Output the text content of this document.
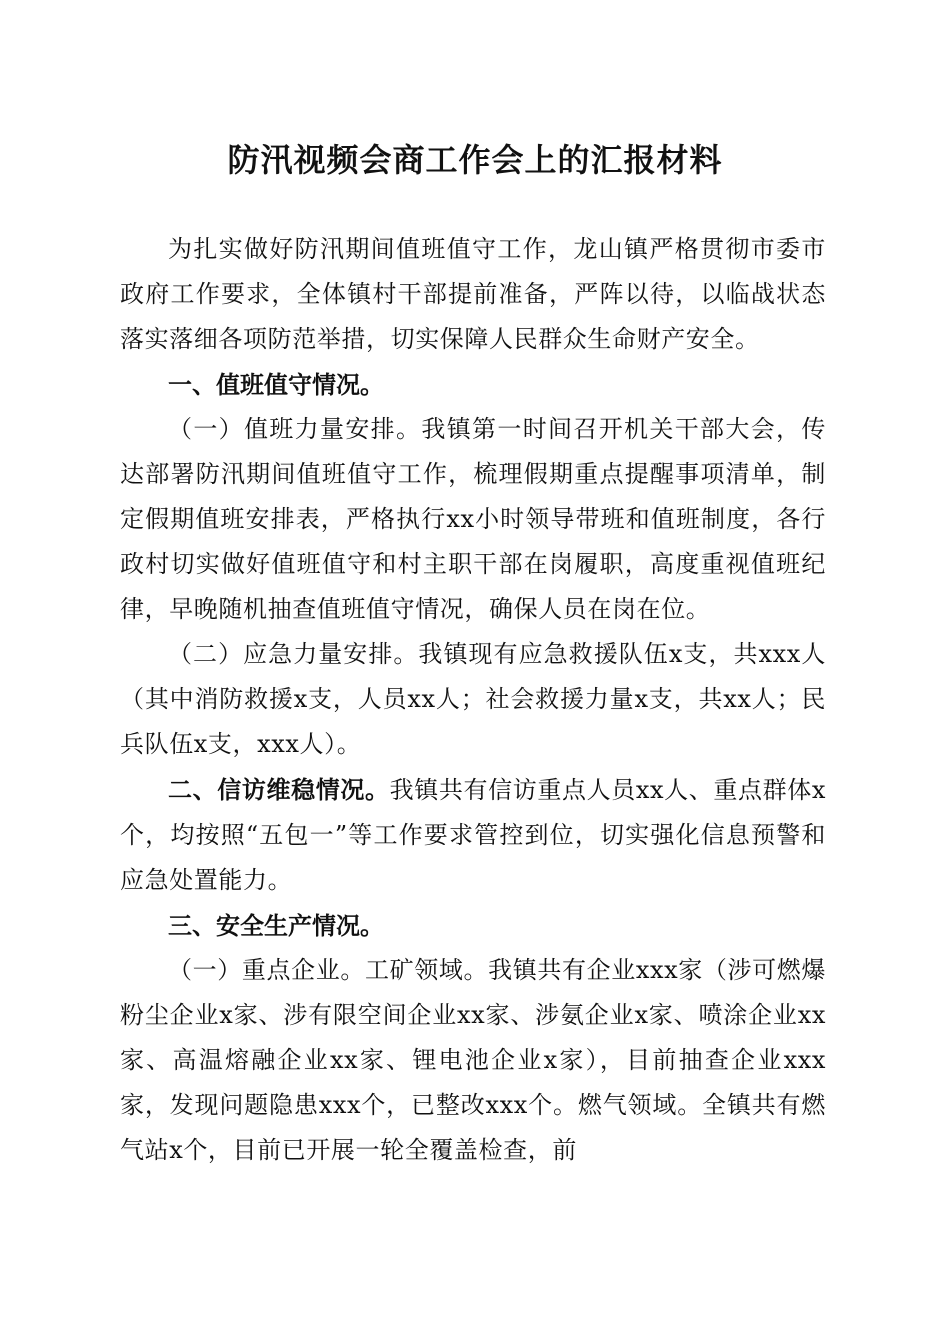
防汛视频会商工作会上的汇报材料

为扎实做好防汛期间值班值守工作，龙山镇严格贯彻市委市政府工作要求，全体镇村干部提前准备，严阵以待，以临战状态落实落细各项防范举措，切实保障人民群众生命财产安全。

一、值班值守情况。

（一）值班力量安排。我镇第一时间召开机关干部大会，传达部署防汛期间值班值守工作，梳理假期重点提醒事项清单，制定假期值班安排表，严格执行xx小时领导带班和值班制度，各行政村切实做好值班值守和村主职干部在岗履职，高度重视值班纪律，早晚随机抽查值班值守情况，确保人员在岗在位。

（二）应急力量安排。我镇现有应急救援队伍x支，共xxx人（其中消防救援x支，人员xx人；社会救援力量x支，共xx人；民兵队伍x支，xxx人）。

二、信访维稳情况。我镇共有信访重点人员xx人、重点群体x个，均按照“五包一”等工作要求管控到位，切实强化信息预警和应急处置能力。

三、安全生产情况。

（一）重点企业。工矿领域。我镇共有企业xxx家（涉可燃爆粉尘企业x家、涉有限空间企业xx家、涉氨企业x家、喷涂企业xx家、高温熔融企业xx家、锂电池企业x家），目前抽查企业xxx家，发现问题隐患xxx个，已整改xxx个。燃气领域。全镇共有燃气站x个，目前已开展一轮全覆盖检查，前
